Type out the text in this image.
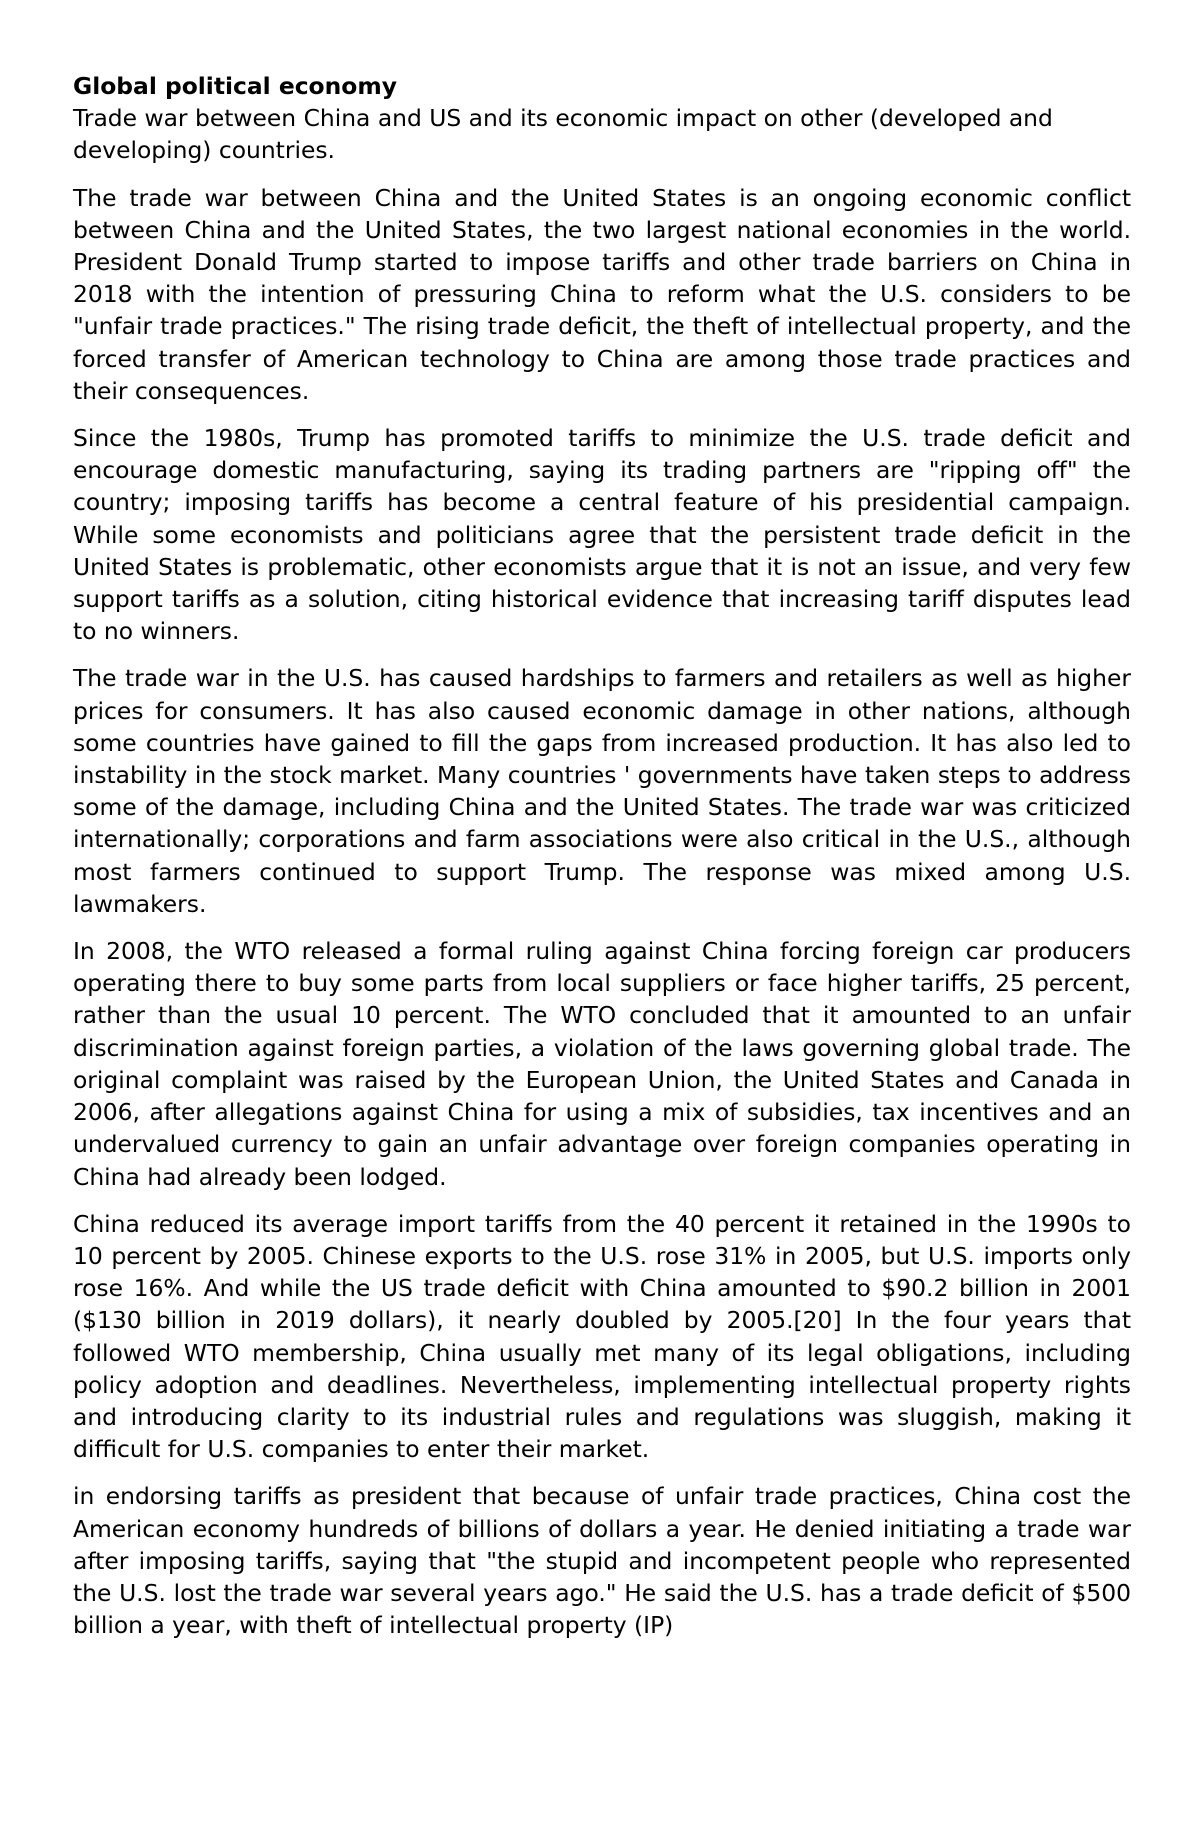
Global political economy

Trade war between China and US and its economic impact on other (developed and developing) countries.

The trade war between China and the United States is an ongoing economic conflict between China and the United States, the two largest national economies in the world. President Donald Trump started to impose tariffs and other trade barriers on China in 2018 with the intention of pressuring China to reform what the U.S. considers to be "unfair trade practices." The rising trade deficit, the theft of intellectual property, and the forced transfer of American technology to China are among those trade practices and their consequences.

Since the 1980s, Trump has promoted tariffs to minimize the U.S. trade deficit and encourage domestic manufacturing, saying its trading partners are "ripping off" the country; imposing tariffs has become a central feature of his presidential campaign. While some economists and politicians agree that the persistent trade deficit in the United States is problematic, other economists argue that it is not an issue, and very few support tariffs as a solution, citing historical evidence that increasing tariff disputes lead to no winners.

The trade war in the U.S. has caused hardships to farmers and retailers as well as higher prices for consumers. It has also caused economic damage in other nations, although some countries have gained to fill the gaps from increased production. It has also led to instability in the stock market. Many countries ' governments have taken steps to address some of the damage, including China and the United States. The trade war was criticized internationally; corporations and farm associations were also critical in the U.S., although most farmers continued to support Trump. The response was mixed among U.S. lawmakers.

In 2008, the WTO released a formal ruling against China forcing foreign car producers operating there to buy some parts from local suppliers or face higher tariffs, 25 percent, rather than the usual 10 percent. The WTO concluded that it amounted to an unfair discrimination against foreign parties, a violation of the laws governing global trade. The original complaint was raised by the European Union, the United States and Canada in 2006, after allegations against China for using a mix of subsidies, tax incentives and an undervalued currency to gain an unfair advantage over foreign companies operating in China had already been lodged.

China reduced its average import tariffs from the 40 percent it retained in the 1990s to 10 percent by 2005. Chinese exports to the U.S. rose 31% in 2005, but U.S. imports only rose 16%. And while the US trade deficit with China amounted to $90.2 billion in 2001 ($130 billion in 2019 dollars), it nearly doubled by 2005.[20] In the four years that followed WTO membership, China usually met many of its legal obligations, including policy adoption and deadlines. Nevertheless, implementing intellectual property rights and introducing clarity to its industrial rules and regulations was sluggish, making it difficult for U.S. companies to enter their market.

in endorsing tariffs as president that because of unfair trade practices, China cost the American economy hundreds of billions of dollars a year. He denied initiating a trade war after imposing tariffs, saying that "the stupid and incompetent people who represented the U.S. lost the trade war several years ago." He said the U.S. has a trade deficit of $500 billion a year, with theft of intellectual property (IP)
